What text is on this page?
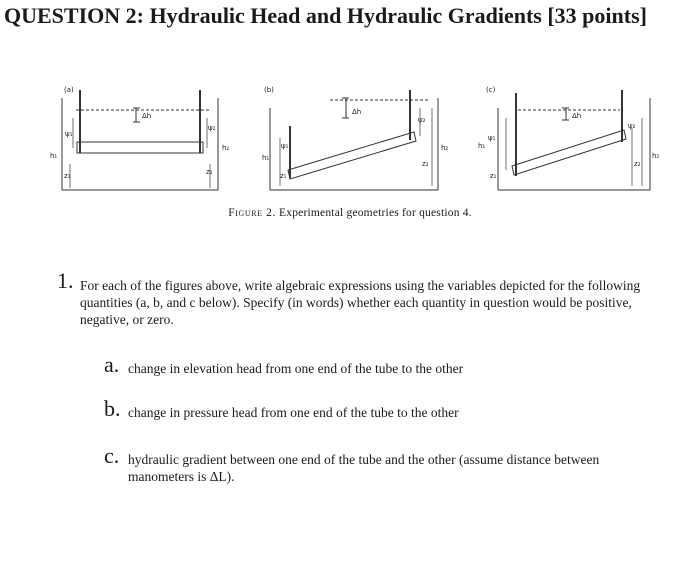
QUESTION 2: Hydraulic Head and Hydraulic Gradients [33 points]
(a)	(b)	(c)
Δh	Δh	Δh
ψ₁
ψ₂
h₁
h₂
z₁	z₂
ψ₁
ψ₂
h₁
h₂
z₁
z₂
ψ₁
ψ₂
h₁
h₂
z₁
z₂
Figure 2. Experimental geometries for question 4.
1. For each of the figures above, write algebraic expressions using the variables depicted for the following quantities (a, b, and c below). Specify (in words) whether each quantity in question would be positive, negative, or zero.
a. change in elevation head from one end of the tube to the other
b. change in pressure head from one end of the tube to the other
c. hydraulic gradient between one end of the tube and the other (assume distance between manometers is ΔL).
